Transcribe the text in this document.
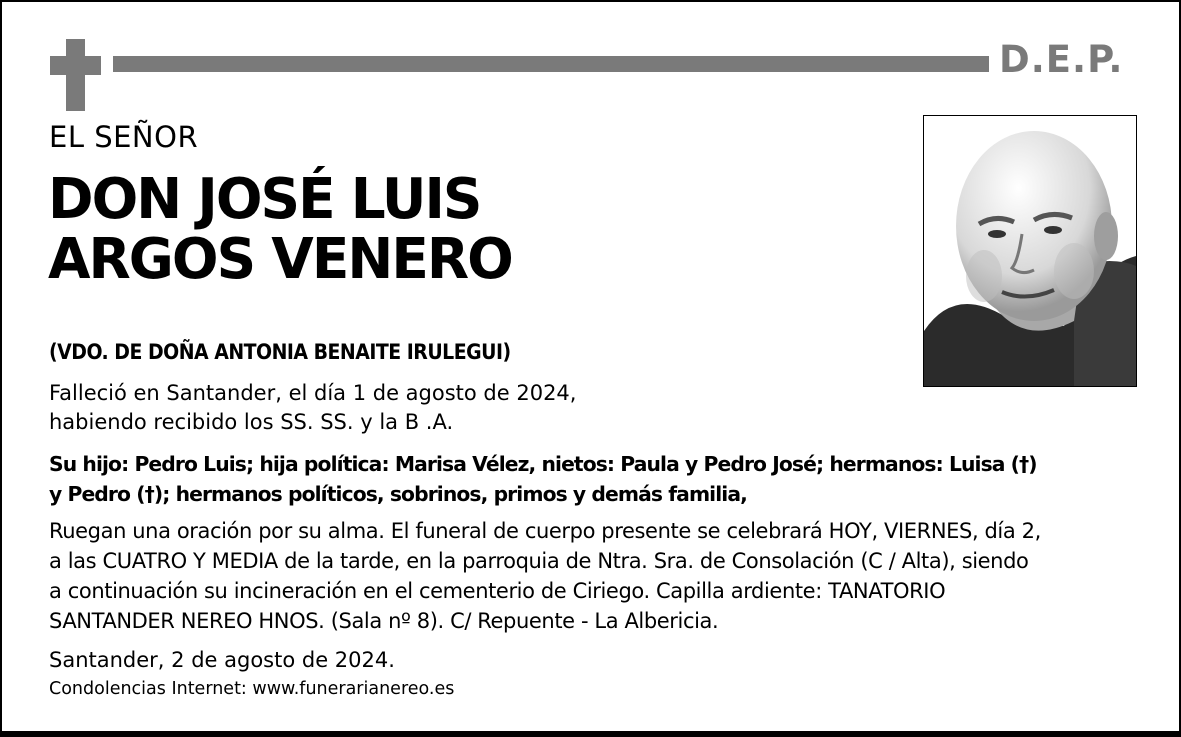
D.E.P.
EL SEÑOR
DON JOSÉ LUIS
ARGOS VENERO
(VDO. DE DOÑA ANTONIA BENAITE IRULEGUI)
Falleció en Santander, el día 1 de agosto de 2024,
habiendo recibido los SS. SS. y la B .A.
Su hijo: Pedro Luis; hija política: Marisa Vélez, nietos: Paula y Pedro José; hermanos: Luisa (†)
y Pedro (†); hermanos políticos, sobrinos, primos y demás familia,
Ruegan una oración por su alma. El funeral de cuerpo presente se celebrará HOY, VIERNES, día 2,
a las CUATRO Y MEDIA de la tarde, en la parroquia de Ntra. Sra. de Consolación (C / Alta), siendo
a continuación su incineración en el cementerio de Ciriego. Capilla ardiente: TANATORIO
SANTANDER NEREO HNOS. (Sala nº 8). C/ Repuente - La Albericia.
Santander, 2 de agosto de 2024.
Condolencias Internet: www.funerarianereo.es
